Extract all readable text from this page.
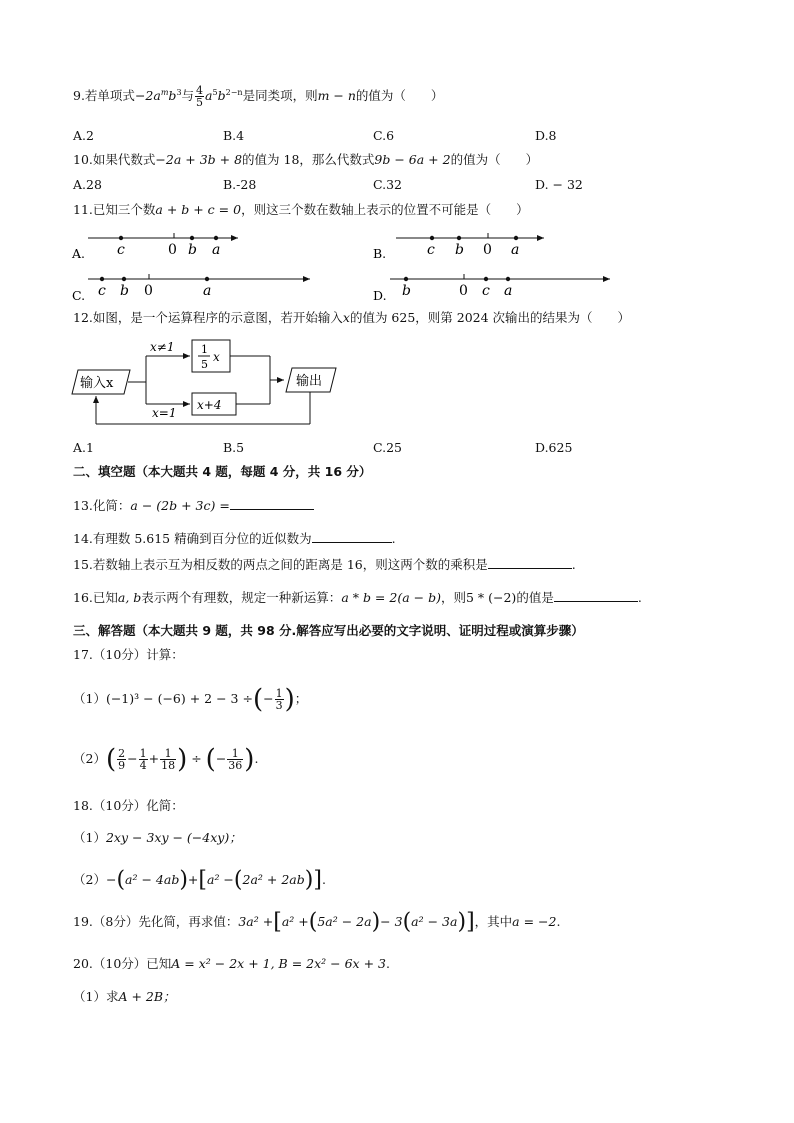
9.若单项式$-2a^mb^3$与 $\frac{4}{5} a^5b^{2-n}$是同类项，则m − n的值为（　　）
A.2	B.4	C.6	D.8
10.如果代数式−2a + 3b + 8的值为 18，那么代数式9b − 6a + 2的值为（　　）
A.28	B.-28	C.32	D. − 32
11.已知三个数a + b + c = 0，则这三个数在数轴上表示的位置不可能是（　　）
A. c	0 b a	B.	c b 0 a
C. c b 0	a	D. b	0 c a
12.如图，是一个运算程序的示意图，若开始输入x的值为 625，则第 2024 次输出的结果为（　　）
输入x
x≠1 1
5
x
x=1
x+4
输出
A.1	B.5	C.25	D.625
二、填空题（本大题共 4 题，每题 4 分，共 16 分）
13.化简：a − (2b + 3c) =
14.有理数 5.615 精确到百分位的近似数为	.
15.若数轴上表示互为相反数的两点之间的距离是 16，则这两个数的乘积是	.
16.已知a, b表示两个有理数，规定一种新运算：a * b = 2(a − b)，则5 * (−2)的值是	.
三、解答题（本大题共 9 题，共 98 分.解答应写出必要的文字说明、证明过程或演算步骤）
17.（10分）计算：
（1）(−1)³ − (−6) + 2 − 3 ÷(− $\frac{1}{3}$ )；
$(2)( \frac{2}{9} - \frac{1}{4} + \frac{1}{18}$ ) ÷ (− $\frac{1}{36}$ ).
18.（10分）化简：
（1）2xy − 3xy − (−4xy)；
（2）−(a² − 4ab)+[a² −(2a² + 2ab)].
19.（8分）先化简，再求值：3a² +[a² +(5a² − 2a)− 3(a² − 3a)]，其中a = −2.
20.（10分）已知A = x² − 2x + 1, B = 2x² − 6x + 3.
（1）求A + 2B；
